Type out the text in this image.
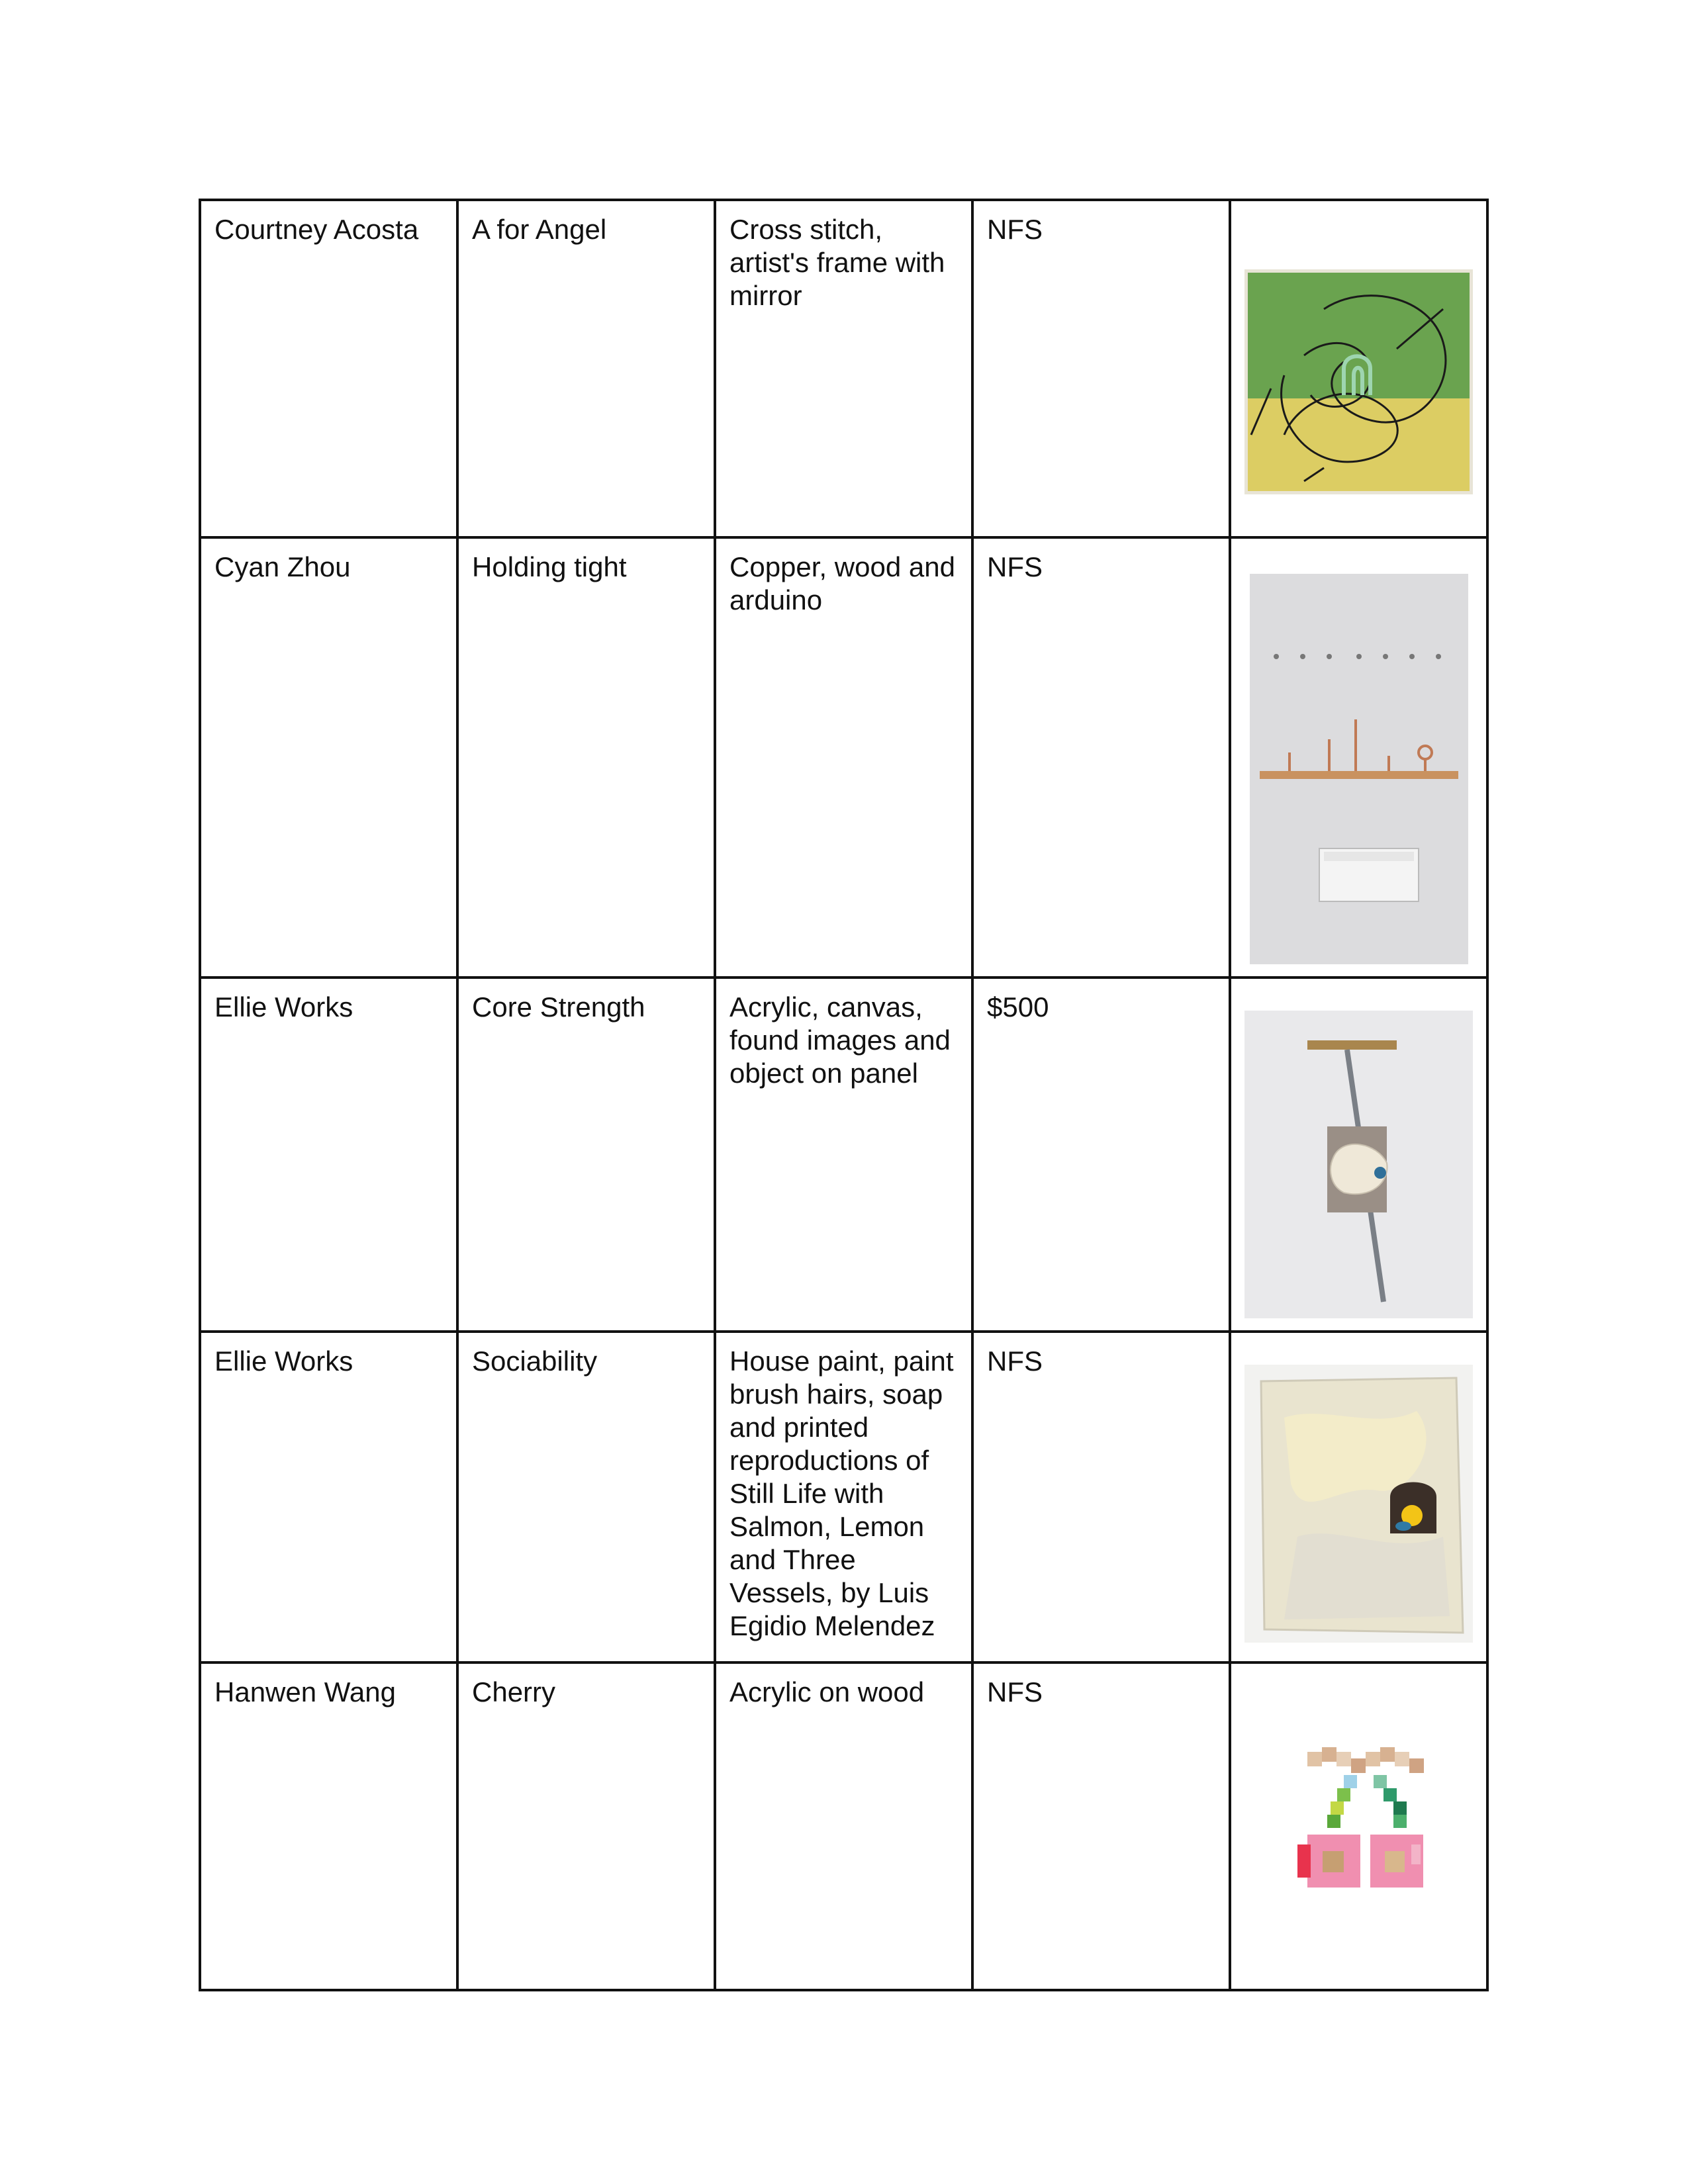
Courtney Acosta	A for Angel	Cross stitch, artist's frame with mirror	NFS	

Cyan Zhou	Holding tight	Copper, wood and arduino	NFS	

Ellie Works	Core Strength	Acrylic, canvas, found images and object on panel	$500	

Ellie Works	Sociability	House paint, paint brush hairs, soap and printed reproductions of Still Life with Salmon, Lemon and Three Vessels, by Luis Egidio Melendez	NFS	

Hanwen Wang	Cherry	Acrylic on wood	NFS	
